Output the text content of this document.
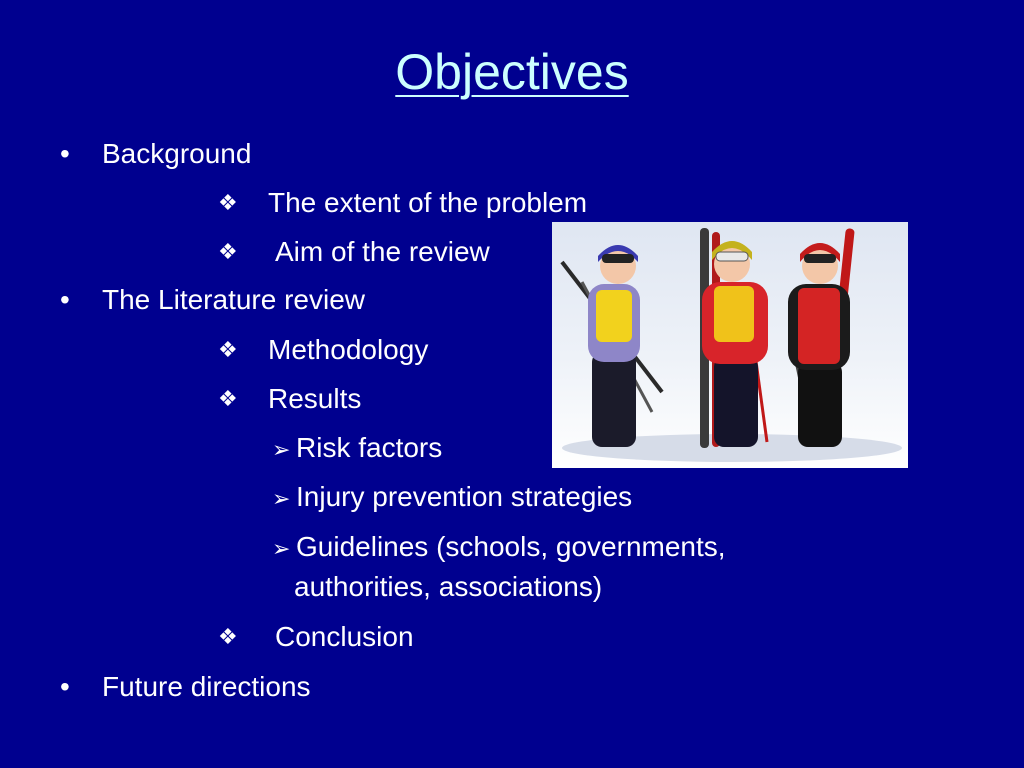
Objectives
• Background
❖ The extent of the problem
❖ Aim of the review
• The Literature review
❖ Methodology
❖ Results
➢ Risk factors
➢ Injury prevention strategies
➢ Guidelines (schools, governments,
authorities, associations)
❖ Conclusion
• Future directions
